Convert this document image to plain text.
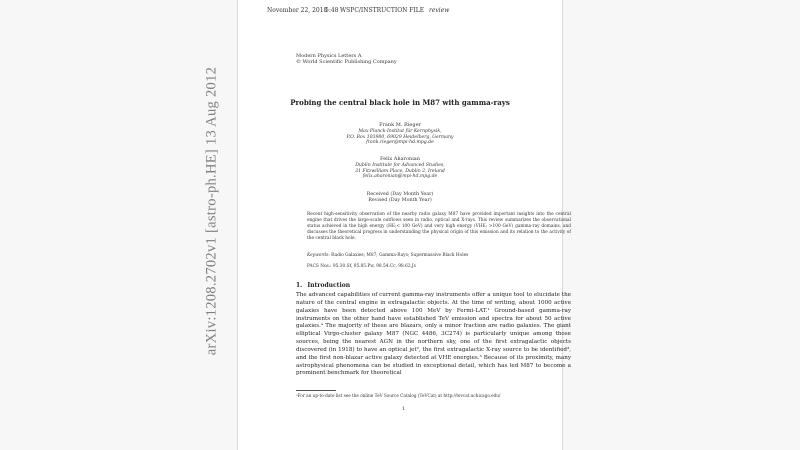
arXiv:1208.2702v1 [astro-ph.HE] 13 Aug 2012
November 22, 2018
5:48 WSPC/INSTRUCTION FILE review
Modern Physics Letters A
© World Scientific Publishing Company
Probing the central black hole in M87 with gamma-rays
Frank M. Rieger
Max-Planck-Institut für Kernphysik,
P.O. Box 103980, 69029 Heidelberg, Germany
frank.rieger@mpi-hd.mpg.de
Felix Aharonian
Dublin Institute for Advanced Studies,
31 Fitzwilliam Place, Dublin 2, Ireland
felix.aharonian@mpi-hd.mpg.de
Received (Day Month Year)
Revised (Day Month Year)
Recent high-sensitivity observation of the nearby radio galaxy M87 have provided important insights into the central engine that drives the large-scale outflows seen in radio, optical and X-rays. This review summarizes the observational status achieved in the high energy (HE;< 100 GeV) and very high energy (VHE; >100 GeV) gamma-ray domains, and discusses the theoretical progress in understanding the physical origin of this emission and its relation to the activity of the central black hole.
Keywords: Radio Galaxies; M87; Gamma-Rays; Supermassive Black Holes
PACS Nos.: 95.30.Sf, 95.85.Pw, 98.54.Cc, 98.62.Js
1. Introduction
The advanced capabilities of current gamma-ray instruments offer a unique tool to elucidate the nature of the central engine in extragalactic objects. At the time of writing, about 1000 active galaxies have been detected above 100 MeV by Fermi-LAT.¹ Ground-based gamma-ray instruments on the other hand have established TeV emission and spectra for about 50 active galaxies.ᵃ The majority of these are blazars, only a minor fraction are radio galaxies. The giant elliptical Virgo-cluster galaxy M87 (NGC 4486, 3C274) is particularly unique among those sources, being the nearest AGN in the northern sky, one of the first extragalactic objects discovered (in 1918) to have an optical jet², the first extragalactic X-ray source to be identified³, and the first non-blazar active galaxy detected at VHE energies.⁵ Because of its proximity, many astrophysical phenomena can be studied in exceptional detail, which has led M87 to become a prominent benchmark for theoretical
ᵃFor an up-to-date list see the online TeV Source Catalog (TeVCat) at http://tevcat.uchicago.edu/
1
